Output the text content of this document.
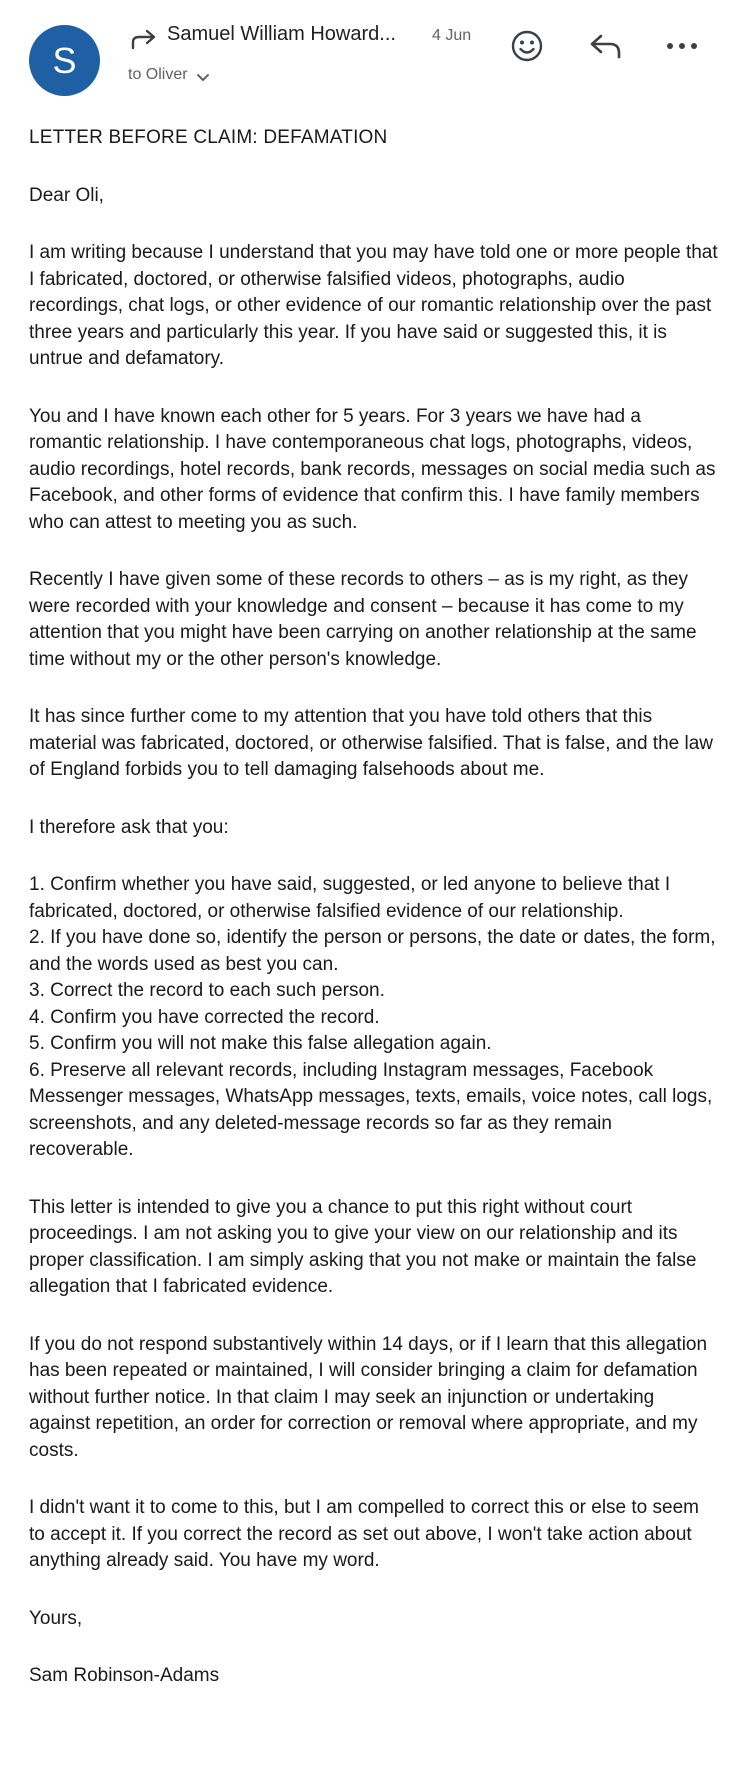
S
Samuel William Howard... 4 Jun
to Oliver

LETTER BEFORE CLAIM: DEFAMATION

Dear Oli,

I am writing because I understand that you may have told one or more people that I fabricated, doctored, or otherwise falsified videos, photographs, audio recordings, chat logs, or other evidence of our romantic relationship over the past three years and particularly this year. If you have said or suggested this, it is untrue and defamatory.

You and I have known each other for 5 years. For 3 years we have had a romantic relationship. I have contemporaneous chat logs, photographs, videos, audio recordings, hotel records, bank records, messages on social media such as Facebook, and other forms of evidence that confirm this. I have family members who can attest to meeting you as such.

Recently I have given some of these records to others – as is my right, as they were recorded with your knowledge and consent – because it has come to my attention that you might have been carrying on another relationship at the same time without my or the other person's knowledge.

It has since further come to my attention that you have told others that this material was fabricated, doctored, or otherwise falsified. That is false, and the law of England forbids you to tell damaging falsehoods about me.

I therefore ask that you:

1. Confirm whether you have said, suggested, or led anyone to believe that I fabricated, doctored, or otherwise falsified evidence of our relationship.
2. If you have done so, identify the person or persons, the date or dates, the form, and the words used as best you can.
3. Correct the record to each such person.
4. Confirm you have corrected the record.
5. Confirm you will not make this false allegation again.
6. Preserve all relevant records, including Instagram messages, Facebook Messenger messages, WhatsApp messages, texts, emails, voice notes, call logs, screenshots, and any deleted-message records so far as they remain recoverable.

This letter is intended to give you a chance to put this right without court proceedings. I am not asking you to give your view on our relationship and its proper classification. I am simply asking that you not make or maintain the false allegation that I fabricated evidence.

If you do not respond substantively within 14 days, or if I learn that this allegation has been repeated or maintained, I will consider bringing a claim for defamation without further notice. In that claim I may seek an injunction or undertaking against repetition, an order for correction or removal where appropriate, and my costs.

I didn't want it to come to this, but I am compelled to correct this or else to seem to accept it. If you correct the record as set out above, I won't take action about anything already said. You have my word.

Yours,

Sam Robinson-Adams
